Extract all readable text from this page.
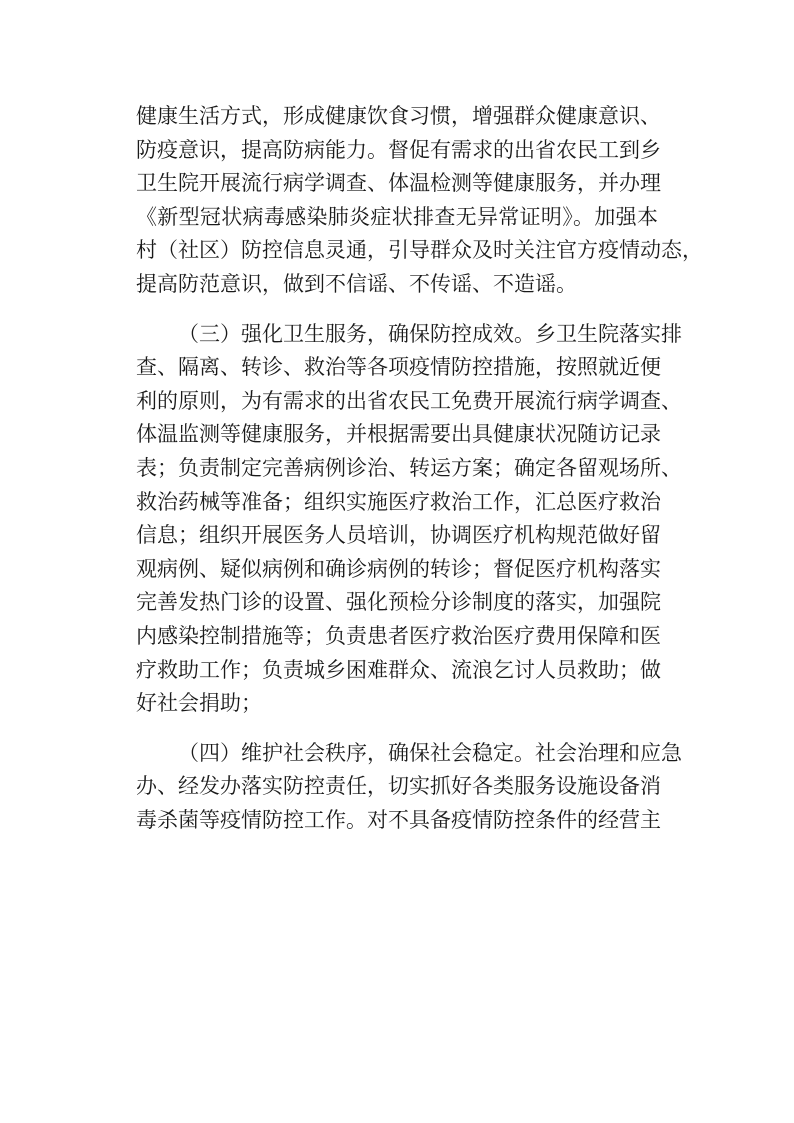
健康生活方式，形成健康饮食习惯，增强群众健康意识、
防疫意识，提高防病能力。督促有需求的出省农民工到乡
卫生院开展流行病学调查、体温检测等健康服务，并办理
《新型冠状病毒感染肺炎症状排查无异常证明》。加强本
村（社区）防控信息灵通，引导群众及时关注官方疫情动态，
提高防范意识，做到不信谣、不传谣、不造谣。

（三）强化卫生服务，确保防控成效。乡卫生院落实排
查、隔离、转诊、救治等各项疫情防控措施，按照就近便
利的原则，为有需求的出省农民工免费开展流行病学调查、
体温监测等健康服务，并根据需要出具健康状况随访记录
表；负责制定完善病例诊治、转运方案；确定各留观场所、
救治药械等准备；组织实施医疗救治工作，汇总医疗救治
信息；组织开展医务人员培训，协调医疗机构规范做好留
观病例、疑似病例和确诊病例的转诊；督促医疗机构落实
完善发热门诊的设置、强化预检分诊制度的落实，加强院
内感染控制措施等；负责患者医疗救治医疗费用保障和医
疗救助工作；负责城乡困难群众、流浪乞讨人员救助；做
好社会捐助；

（四）维护社会秩序，确保社会稳定。社会治理和应急
办、经发办落实防控责任，切实抓好各类服务设施设备消
毒杀菌等疫情防控工作。对不具备疫情防控条件的经营主
